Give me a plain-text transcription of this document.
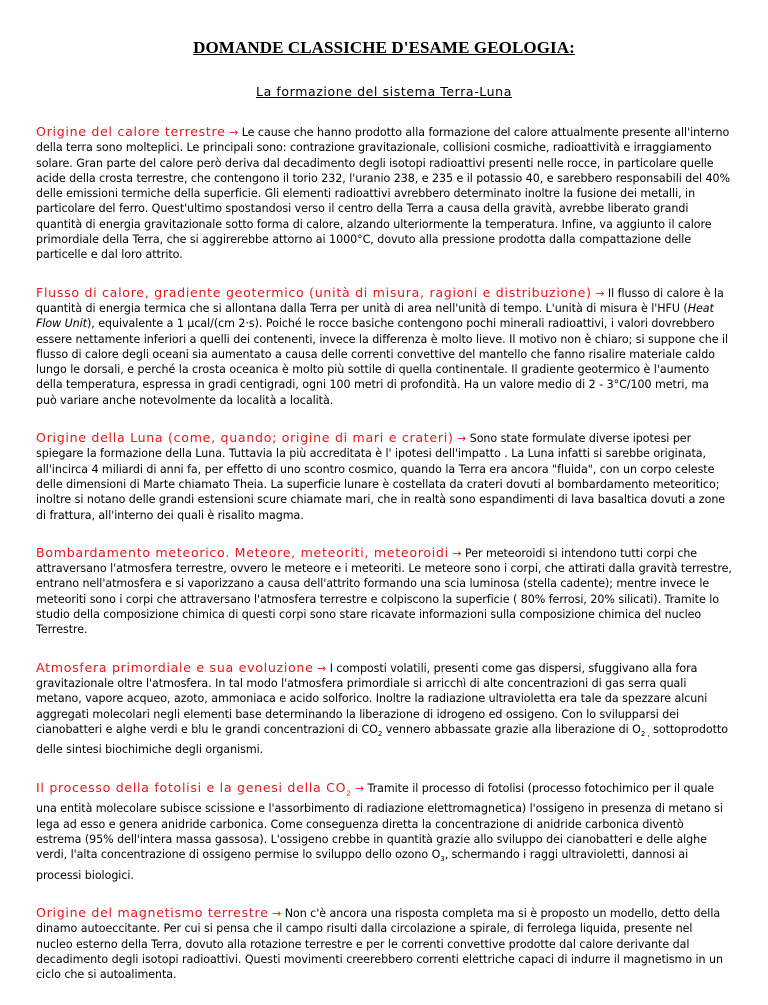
DOMANDE CLASSICHE D'ESAME GEOLOGIA:
La formazione del sistema Terra-Luna
Origine del calore terrestre → Le cause che hanno prodotto alla formazione del calore attualmente presente all'interno della terra sono molteplici. Le principali sono: contrazione gravitazionale, collisioni cosmiche, radioattività e irraggiamento solare. Gran parte del calore però deriva dal decadimento degli isotopi radioattivi presenti nelle rocce, in particolare quelle acide della crosta terrestre, che contengono il torio 232, l'uranio 238, e 235 e il potassio 40, e sarebbero responsabili del 40% delle emissioni termiche della superficie. Gli elementi radioattivi avrebbero determinato inoltre la fusione dei metalli, in particolare del ferro. Quest'ultimo spostandosi verso il centro della Terra a causa della gravità, avrebbe liberato grandi quantità di energia gravitazionale sotto forma di calore, alzando ulteriormente la temperatura. Infine, va aggiunto il calore primordiale della Terra, che si aggirerebbe attorno ai 1000°C, dovuto alla pressione prodotta dalla compattazione delle particelle e dal loro attrito.
Flusso di calore, gradiente geotermico (unità di misura, ragioni e distribuzione) → Il flusso di calore è la quantità di energia termica che si allontana dalla Terra per unità di area nell'unità di tempo. L'unità di misura è l'HFU (Heat Flow Unit), equivalente a 1 µcal/(cm 2·s). Poiché le rocce basiche contengono pochi minerali radioattivi, i valori dovrebbero essere nettamente inferiori a quelli dei contenenti, invece la differenza è molto lieve. Il motivo non è chiaro; si suppone che il flusso di calore degli oceani sia aumentato a causa delle correnti convettive del mantello che fanno risalire materiale caldo lungo le dorsali, e perché la crosta oceanica è molto più sottile di quella continentale. Il gradiente geotermico è l'aumento della temperatura, espressa in gradi centigradi, ogni 100 metri di profondità. Ha un valore medio di 2 - 3°C/100 metri, ma può variare anche notevolmente da località a località.
Origine della Luna (come, quando; origine di mari e crateri) → Sono state formulate diverse ipotesi per spiegare la formazione della Luna. Tuttavia la più accreditata è l' ipotesi dell'impatto . La Luna infatti si sarebbe originata, all'incirca 4 miliardi di anni fa, per effetto di uno scontro cosmico, quando la Terra era ancora "fluida", con un corpo celeste delle dimensioni di Marte chiamato Theia. La superficie lunare è costellata da crateri dovuti al bombardamento meteoritico; inoltre si notano delle grandi estensioni scure chiamate mari, che in realtà sono espandimenti di lava basaltica dovuti a zone di frattura, all'interno dei quali è risalito magma.
Bombardamento meteorico. Meteore, meteoriti, meteoroidi → Per meteoroidi si intendono tutti corpi che attraversano l'atmosfera terrestre, ovvero le meteore e i meteoriti. Le meteore sono i corpi, che attirati dalla gravità terrestre, entrano nell'atmosfera e si vaporizzano a causa dell'attrito formando una scia luminosa (stella cadente); mentre invece le meteoriti sono i corpi che attraversano l'atmosfera terrestre e colpiscono la superficie ( 80% ferrosi, 20% silicati). Tramite lo studio della composizione chimica di questi corpi sono stare ricavate informazioni sulla composizione chimica del nucleo Terrestre.
Atmosfera primordiale e sua evoluzione → I composti volatili, presenti come gas dispersi, sfuggivano alla fora gravitazionale oltre l'atmosfera. In tal modo l'atmosfera primordiale si arricchì di alte concentrazioni di gas serra quali metano, vapore acqueo, azoto, ammoniaca e acido solforico. Inoltre la radiazione ultravioletta era tale da spezzare alcuni aggregati molecolari negli elementi base determinando la liberazione di idrogeno ed ossigeno. Con lo svilupparsi dei cianobatteri e alghe verdi e blu le grandi concentrazioni di $CO_2$ vennero abbassate grazie alla liberazione di $O_{2 ,}$ sottoprodotto delle sintesi biochimiche degli organismi.
Il processo della fotolisi e la genesi della $CO_2$ → Tramite il processo di fotolisi (processo fotochimico per il quale una entità molecolare subisce scissione e l'assorbimento di radiazione elettromagnetica) l'ossigeno in presenza di metano si lega ad esso e genera anidride carbonica. Come conseguenza diretta la concentrazione di anidride carbonica diventò estrema (95% dell'intera massa gassosa). L'ossigeno crebbe in quantità grazie allo sviluppo dei cianobatteri e delle alghe verdi, l'alta concentrazione di ossigeno permise lo sviluppo dello ozono $O_3$, schermando i raggi ultravioletti, dannosi ai processi biologici.
Origine del magnetismo terrestre → Non c'è ancora una risposta completa ma si è proposto un modello, detto della dinamo autoeccitante. Per cui si pensa che il campo risulti dalla circolazione a spirale, di ferrolega liquida, presente nel nucleo esterno della Terra, dovuto alla rotazione terrestre e per le correnti convettive prodotte dal calore derivante dal decadimento degli isotopi radioattivi. Questi movimenti creerebbero correnti elettriche capaci di indurre il magnetismo in un ciclo che si autoalimenta.
